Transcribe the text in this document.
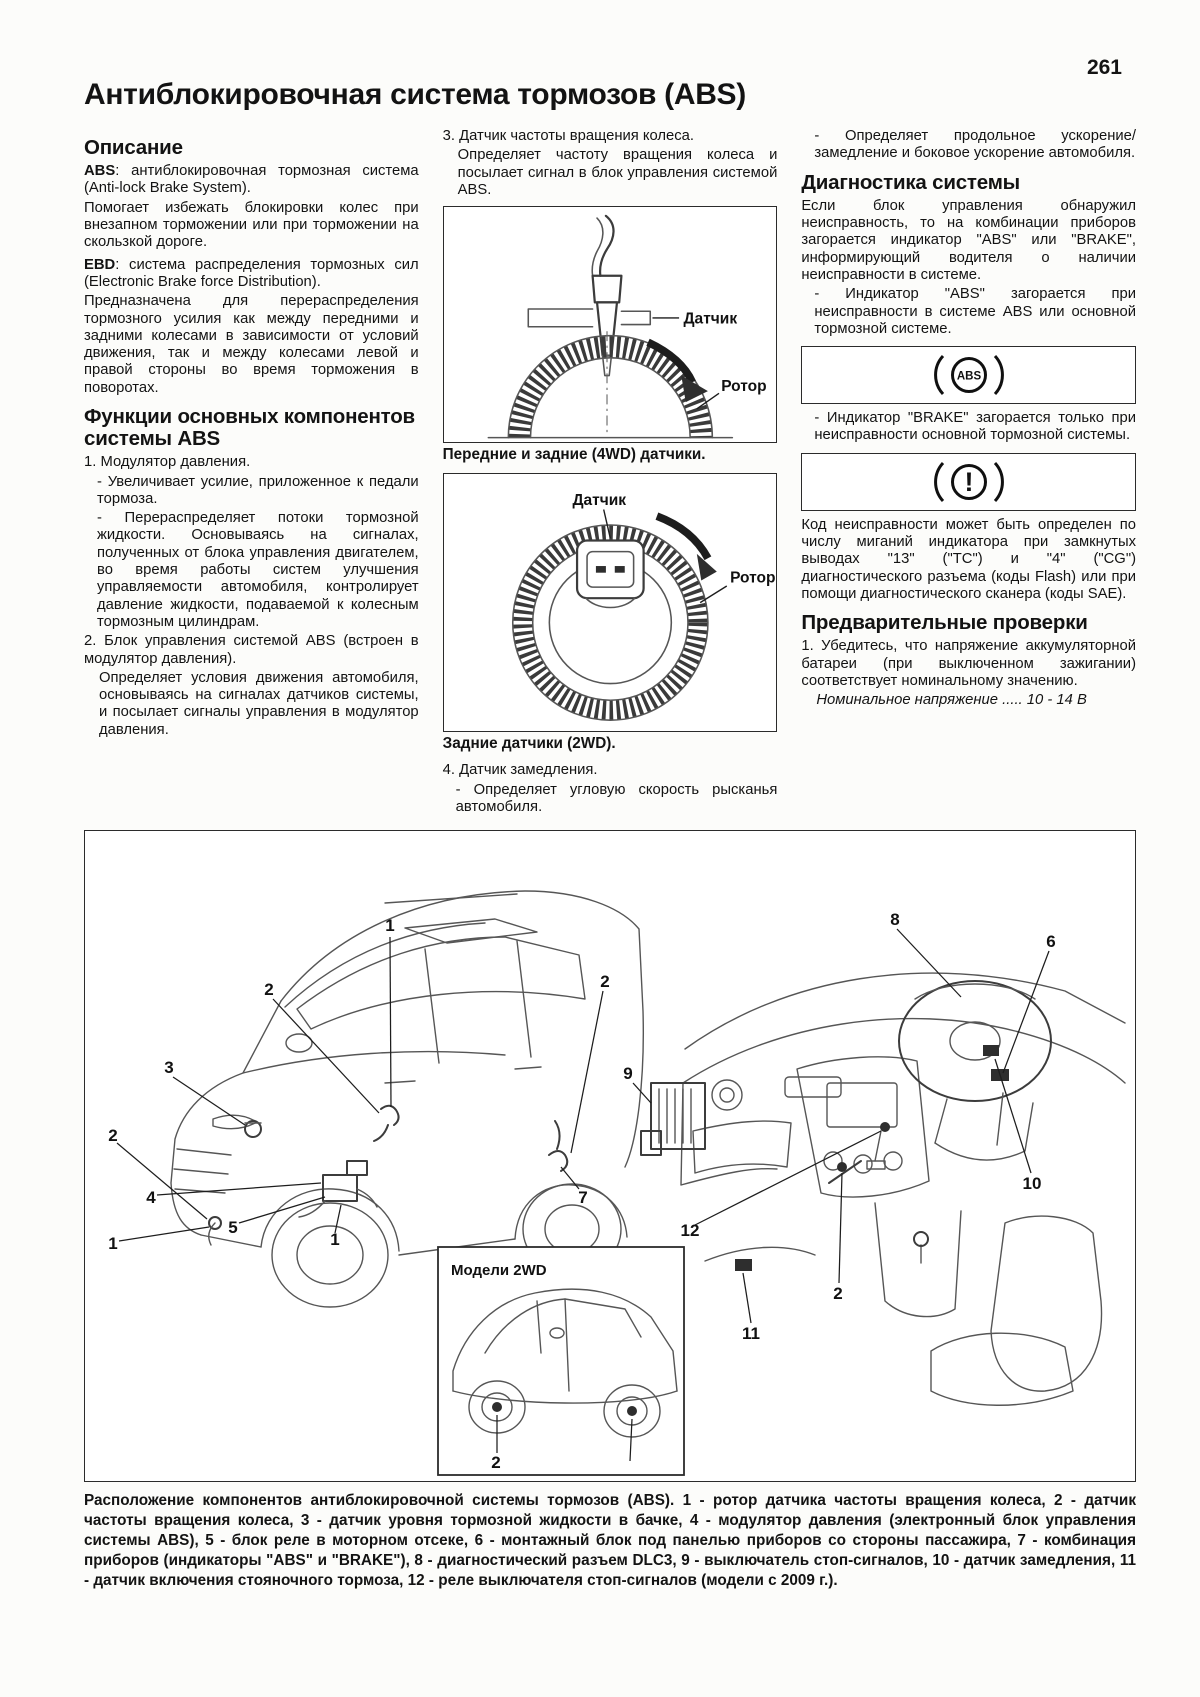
261
Антиблокировочная система тормозов (ABS)
Описание

ABS: антиблокировочная тормозная система (Anti-lock Brake System).

Помогает избежать блокировки колес при внезапном торможении или при торможении на скользкой дороге.

EBD: система распределения тормозных сил (Electronic Brake force Distribution).

Предназначена для перераспределения тормозного усилия как между передними и задними колесами в зависимости от условий движения, так и между колесами левой и правой стороны во время торможения в поворотах.

Функции основных компонентов системы ABS

1. Модулятор давления.

- Увеличивает усилие, приложенное к педали тормоза.

- Перераспределяет потоки тормозной жидкости. Основываясь на сигналах, полученных от блока управления двигателем, во время работы систем улучшения управляемости автомобиля, контролирует давление жидкости, подаваемой к колесным тормозным цилиндрам.

2. Блок управления системой ABS (встроен в модулятор давления).

Определяет условия движения автомобиля, основываясь на сигналах датчиков системы, и посылает сигналы управления в модулятор давления.

3. Датчик частоты вращения колеса.

Определяет частоту вращения колеса и посылает сигнал в блок управления системой ABS.

Датчик
Ротор
Передние и задние (4WD) датчики.
Датчик
Ротор
Задние датчики (2WD).

4. Датчик замедления.

- Определяет угловую скорость рысканья автомобиля.

- Определяет продольное ускорение/замедление и боковое ускорение автомобиля.

Диагностика системы

Если блок управления обнаружил неисправность, то на комбинации приборов загорается индикатор "ABS" или "BRAKE", информирующий водителя о наличии неисправности в системе.

- Индикатор "ABS" загорается при неисправности в системе ABS или основной тормозной системе.

ABS

- Индикатор "BRAKE" загорается только при неисправности основной тормозной системы.

!

Код неисправности может быть определен по числу миганий индикатора при замкнутых выводах "13" ("TC") и "4" ("CG") диагностического разъема (коды Flash) или при помощи диагностического сканера (коды SAE).

Предварительные проверки

1. Убедитесь, что напряжение аккумуляторной батареи (при выключенном зажигании) соответствует номинальному значению.

Номинальное напряжение ..... 10 - 14 В

Модели 2WD
1
2
3
2
1
4
5
1
2
7
8
6
9
12
10
11
2
2

Расположение компонентов антиблокировочной системы тормозов (ABS). 1 - ротор датчика частоты вращения колеса, 2 - датчик частоты вращения колеса, 3 - датчик уровня тормозной жидкости в бачке, 4 - модулятор давления (электронный блок управления системы ABS), 5 - блок реле в моторном отсеке, 6 - монтажный блок под панелью приборов со стороны пассажира, 7 - комбинация приборов (индикаторы "ABS" и "BRAKE"), 8 - диагностический разъем DLC3, 9 - выключатель стоп-сигналов, 10 - датчик замедления, 11 - датчик включения стояночного тормоза, 12 - реле выключателя стоп-сигналов (модели с 2009 г.).
